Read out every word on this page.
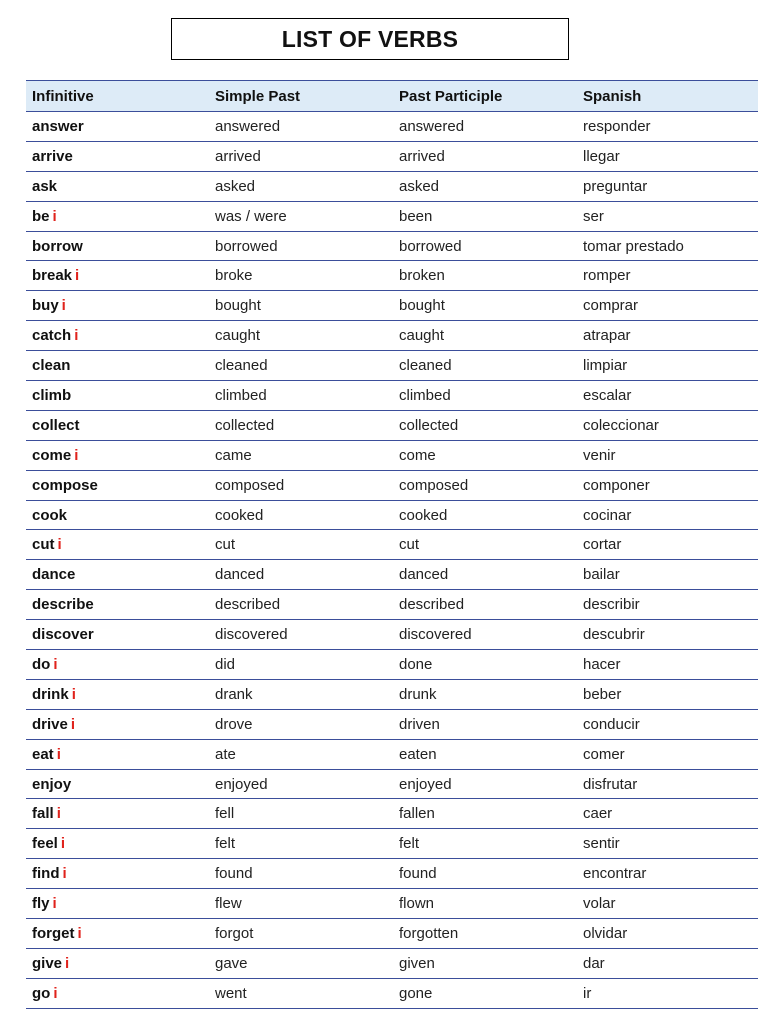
LIST OF VERBS
Infinitive	Simple Past	Past Participle	Spanish
answer	answered	answered	responder
arrive	arrived	arrived	llegar
ask	asked	asked	preguntar
be i	was / were	been	ser
borrow	borrowed	borrowed	tomar prestado
break i	broke	broken	romper
buy i	bought	bought	comprar
catch i	caught	caught	atrapar
clean	cleaned	cleaned	limpiar
climb	climbed	climbed	escalar
collect	collected	collected	coleccionar
come i	came	come	venir
compose	composed	composed	componer
cook	cooked	cooked	cocinar
cut i	cut	cut	cortar
dance	danced	danced	bailar
describe	described	described	describir
discover	discovered	discovered	descubrir
do i	did	done	hacer
drink i	drank	drunk	beber
drive i	drove	driven	conducir
eat i	ate	eaten	comer
enjoy	enjoyed	enjoyed	disfrutar
fall i	fell	fallen	caer
feel i	felt	felt	sentir
find i	found	found	encontrar
fly i	flew	flown	volar
forget i	forgot	forgotten	olvidar
give i	gave	given	dar
go i	went	gone	ir
